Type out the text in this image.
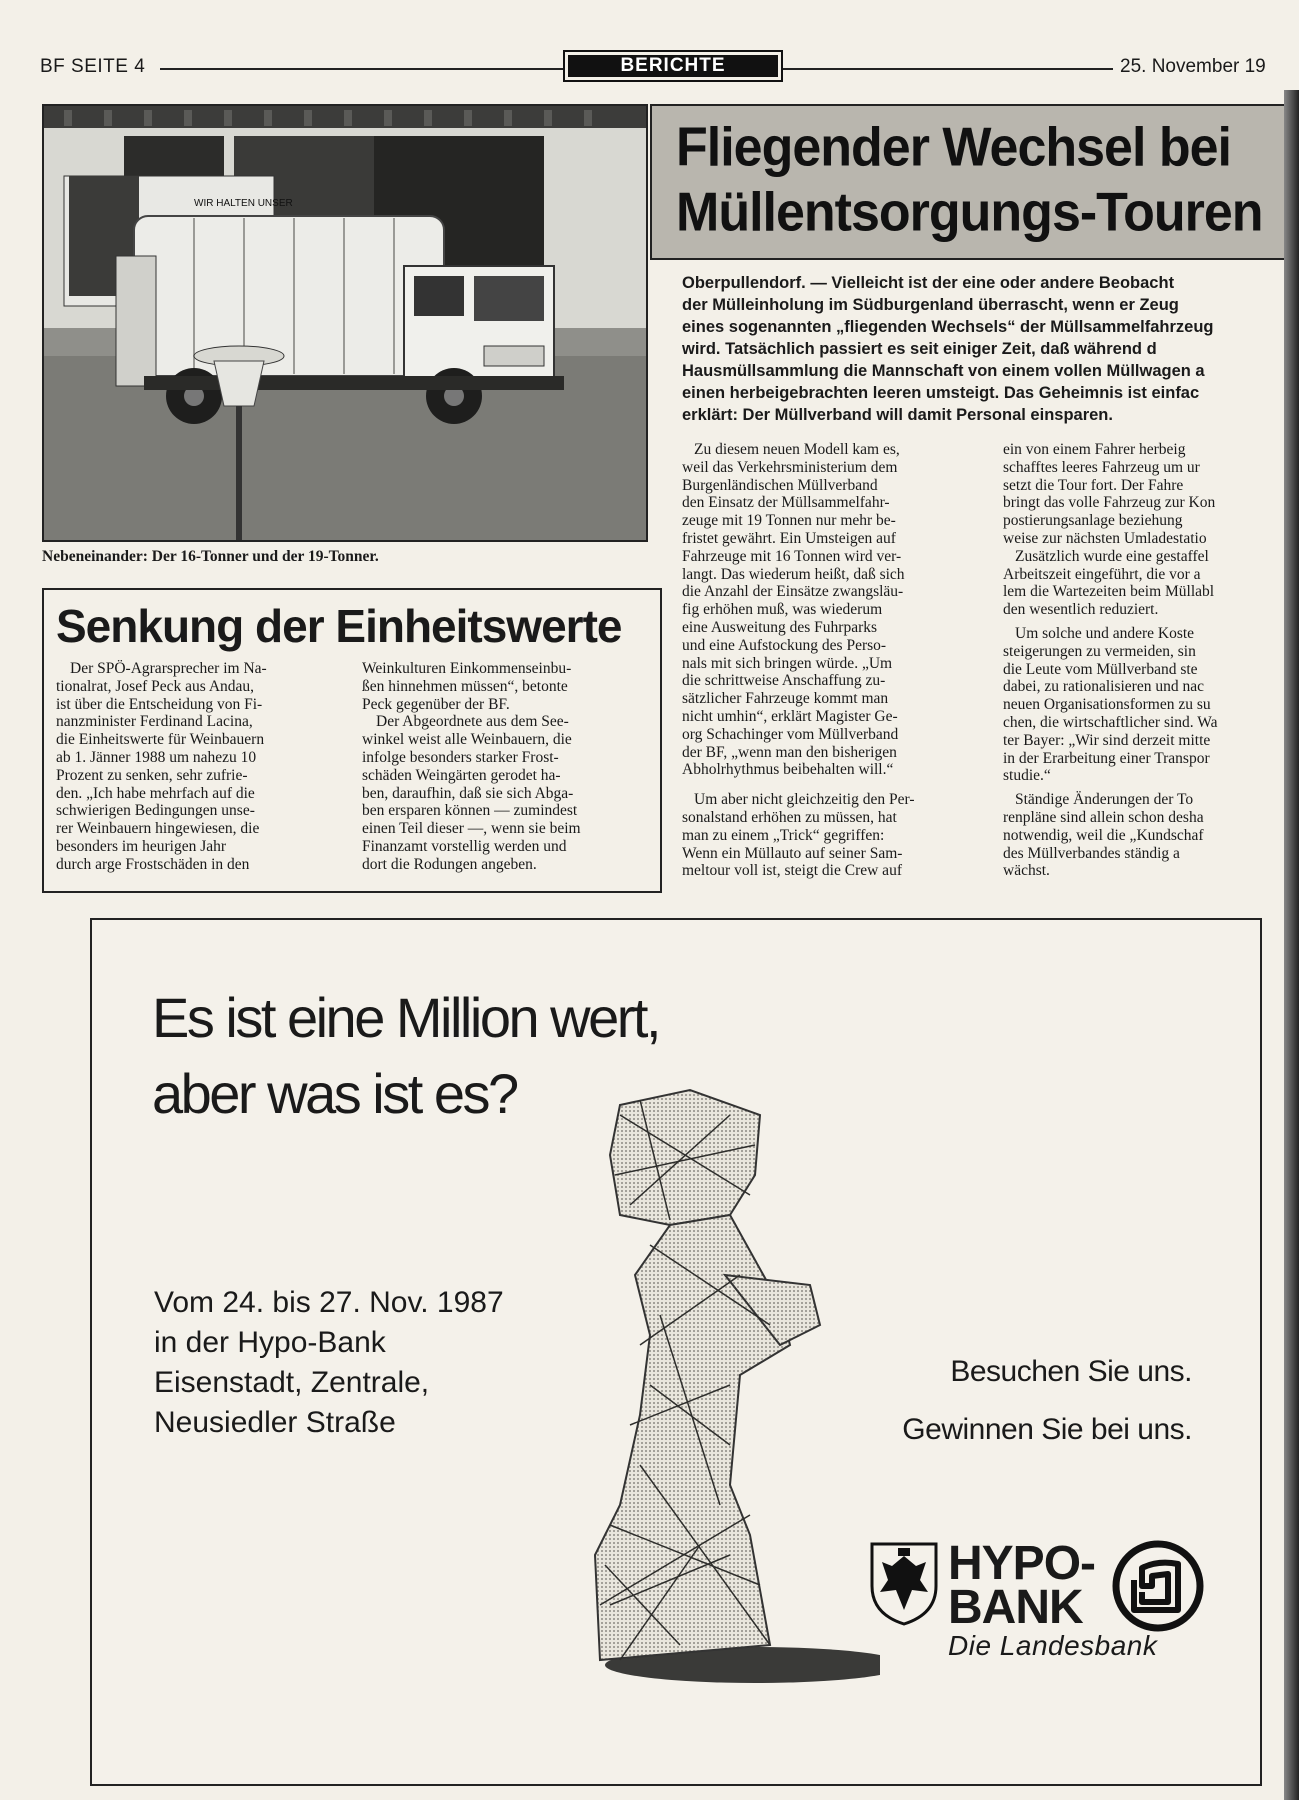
BF SEITE 4	BERICHTE	25. November 19
WIR HALTEN UNSER
Nebeneinander: Der 16-Tonner und der 19-Tonner.
Fliegender Wechsel bei
Müllentsorgungs-Touren
Oberpullendorf. — Vielleicht ist der eine oder andere Beobacht
der Mülleinholung im Südburgenland überrascht, wenn er Zeug
eines sogenannten „fliegenden Wechsels“ der Müllsammelfahrzeug
wird. Tatsächlich passiert es seit einiger Zeit, daß während d
Hausmüllsammlung die Mannschaft von einem vollen Müllwagen a
einen herbeigebrachten leeren umsteigt. Das Geheimnis ist einfac
erklärt: Der Müllverband will damit Personal einsparen.
Zu diesem neuen Modell kam es,
weil das Verkehrsministerium dem
Burgenländischen Müllverband
den Einsatz der Müllsammelfahr-
zeuge mit 19 Tonnen nur mehr be-
fristet gewährt. Ein Umsteigen auf
Fahrzeuge mit 16 Tonnen wird ver-
langt. Das wiederum heißt, daß sich
die Anzahl der Einsätze zwangsläu-
fig erhöhen muß, was wiederum
eine Ausweitung des Fuhrparks
und eine Aufstockung des Perso-
nals mit sich bringen würde. „Um
die schrittweise Anschaffung zu-
sätzlicher Fahrzeuge kommt man
nicht umhin“, erklärt Magister Ge-
org Schachinger vom Müllverband
der BF, „wenn man den bisherigen
Abholrhythmus beibehalten will.“
Um aber nicht gleichzeitig den Per-
sonalstand erhöhen zu müssen, hat
man zu einem „Trick“ gegriffen:
Wenn ein Müllauto auf seiner Sam-
meltour voll ist, steigt die Crew auf
ein von einem Fahrer herbeig
schafftes leeres Fahrzeug um ur
setzt die Tour fort. Der Fahre
bringt das volle Fahrzeug zur Kon
postierungsanlage beziehung
weise zur nächsten Umladestatio
Zusätzlich wurde eine gestaffel
Arbeitszeit eingeführt, die vor a
lem die Wartezeiten beim Müllabl
den wesentlich reduziert.
Um solche und andere Koste
steigerungen zu vermeiden, sin
die Leute vom Müllverband ste
dabei, zu rationalisieren und nac
neuen Organisationsformen zu su
chen, die wirtschaftlicher sind. Wa
ter Bayer: „Wir sind derzeit mitte
in der Erarbeitung einer Transpor
studie.“
Ständige Änderungen der To
renpläne sind allein schon desha
notwendig, weil die „Kundschaf
des Müllverbandes ständig a
wächst.
Senkung der Einheitswerte
Der SPÖ-Agrarsprecher im Na-
tionalrat, Josef Peck aus Andau,
ist über die Entscheidung von Fi-
nanzminister Ferdinand Lacina,
die Einheitswerte für Weinbauern
ab 1. Jänner 1988 um nahezu 10
Prozent zu senken, sehr zufrie-
den. „Ich habe mehrfach auf die
schwierigen Bedingungen unse-
rer Weinbauern hingewiesen, die
besonders im heurigen Jahr
durch arge Frostschäden in den
Weinkulturen Einkommenseinbu-
ßen hinnehmen müssen“, betonte
Peck gegenüber der BF.
Der Abgeordnete aus dem See-
winkel weist alle Weinbauern, die
infolge besonders starker Frost-
schäden Weingärten gerodet ha-
ben, daraufhin, daß sie sich Abga-
ben ersparen können — zumindest
einen Teil dieser —, wenn sie beim
Finanzamt vorstellig werden und
dort die Rodungen angeben.
Es ist eine Million wert,
aber was ist es?
Vom 24. bis 27. Nov. 1987
in der Hypo-Bank
Eisenstadt, Zentrale,
Neusiedler Straße
Besuchen Sie uns.
Gewinnen Sie bei uns.
HYPO-
BANK
Die Landesbank
